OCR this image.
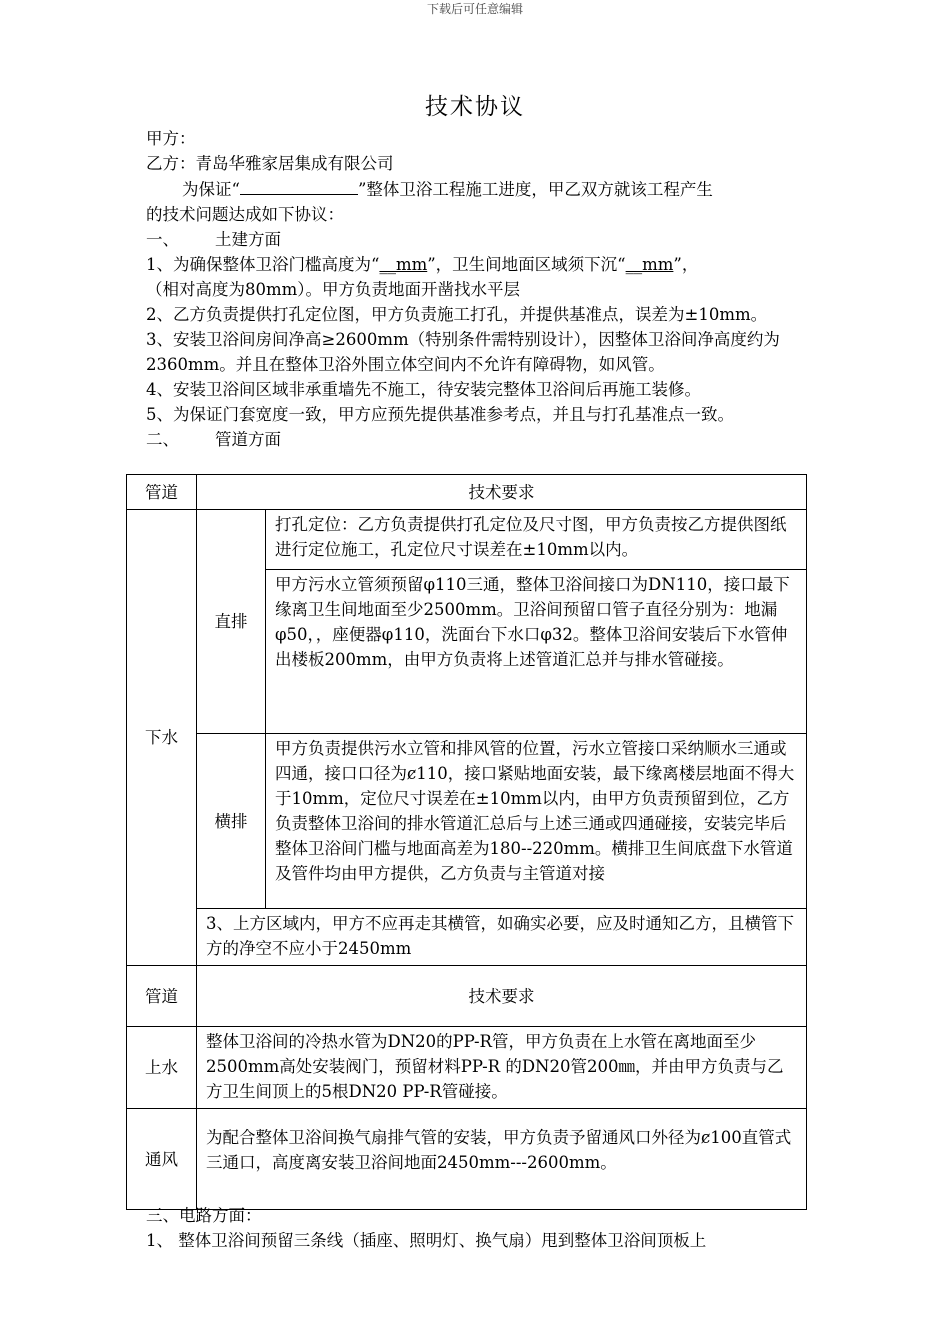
下载后可任意编辑
技术协议
甲方：
乙方：青岛华雅家居集成有限公司
为保证“	”整体卫浴工程施工进度，甲乙双方就该工程产生
的技术问题达成如下协议：
一、 土建方面
1、为确保整体卫浴门槛高度为“__mm”，卫生间地面区域须下沉“__mm”，
（相对高度为80mm）。甲方负责地面开凿找水平层
2、乙方负责提供打孔定位图，甲方负责施工打孔，并提供基准点，误差为±10mm。
3、安装卫浴间房间净高≥2600mm（特别条件需特别设计），因整体卫浴间净高度约为2360mm。并且在整体卫浴外围立体空间内不允许有障碍物，如风管。
4、安装卫浴间区域非承重墙先不施工，待安装完整体卫浴间后再施工装修。
5、为保证门套宽度一致，甲方应预先提供基准参考点，并且与打孔基准点一致。
二、 管道方面
管道	技术要求	
下水	直排	打孔定位：乙方负责提供打孔定位及尺寸图，甲方负责按乙方提供图纸进行定位施工，孔定位尺寸误差在±10mm以内。
		甲方污水立管须预留φ110三通，整体卫浴间接口为DN110，接口最下缘离卫生间地面至少2500mm。卫浴间预留口管子直径分别为：地漏φ50，，座便器φ110，洗面台下水口φ32。整体卫浴间安装后下水管伸出楼板200mm，由甲方负责将上述管道汇总并与排水管碰接。
	横排	甲方负责提供污水立管和排风管的位置，污水立管接口采纳顺水三通或四通，接口口径为ȼ110，接口紧贴地面安装，最下缘离楼层地面不得大于10mm，定位尺寸误差在±10mm以内，由甲方负责预留到位，乙方负责整体卫浴间的排水管道汇总后与上述三通或四通碰接，安装完毕后整体卫浴间门槛与地面高差为180--220mm。横排卫生间底盘下水管道及管件均由甲方提供，乙方负责与主管道对接
	3、上方区域内，甲方不应再走其横管，如确实必要，应及时通知乙方，且横管下方的净空不应小于2450mm	
管道	技术要求	
上水	整体卫浴间的冷热水管为DN20的PP-R管，甲方负责在上水管在离地面至少2500mm高处安装阀门，预留材料PP-R 的DN20管200㎜，并由甲方负责与乙方卫生间顶上的5根DN20 PP-R管碰接。	
通风	为配合整体卫浴间换气扇排气管的安装，甲方负责予留通风口外径为ȼ100直管式三通口，高度离安装卫浴间地面2450mm---2600mm。	
三、电路方面：
1、 整体卫浴间预留三条线（插座、照明灯、换气扇）甩到整体卫浴间顶板上
